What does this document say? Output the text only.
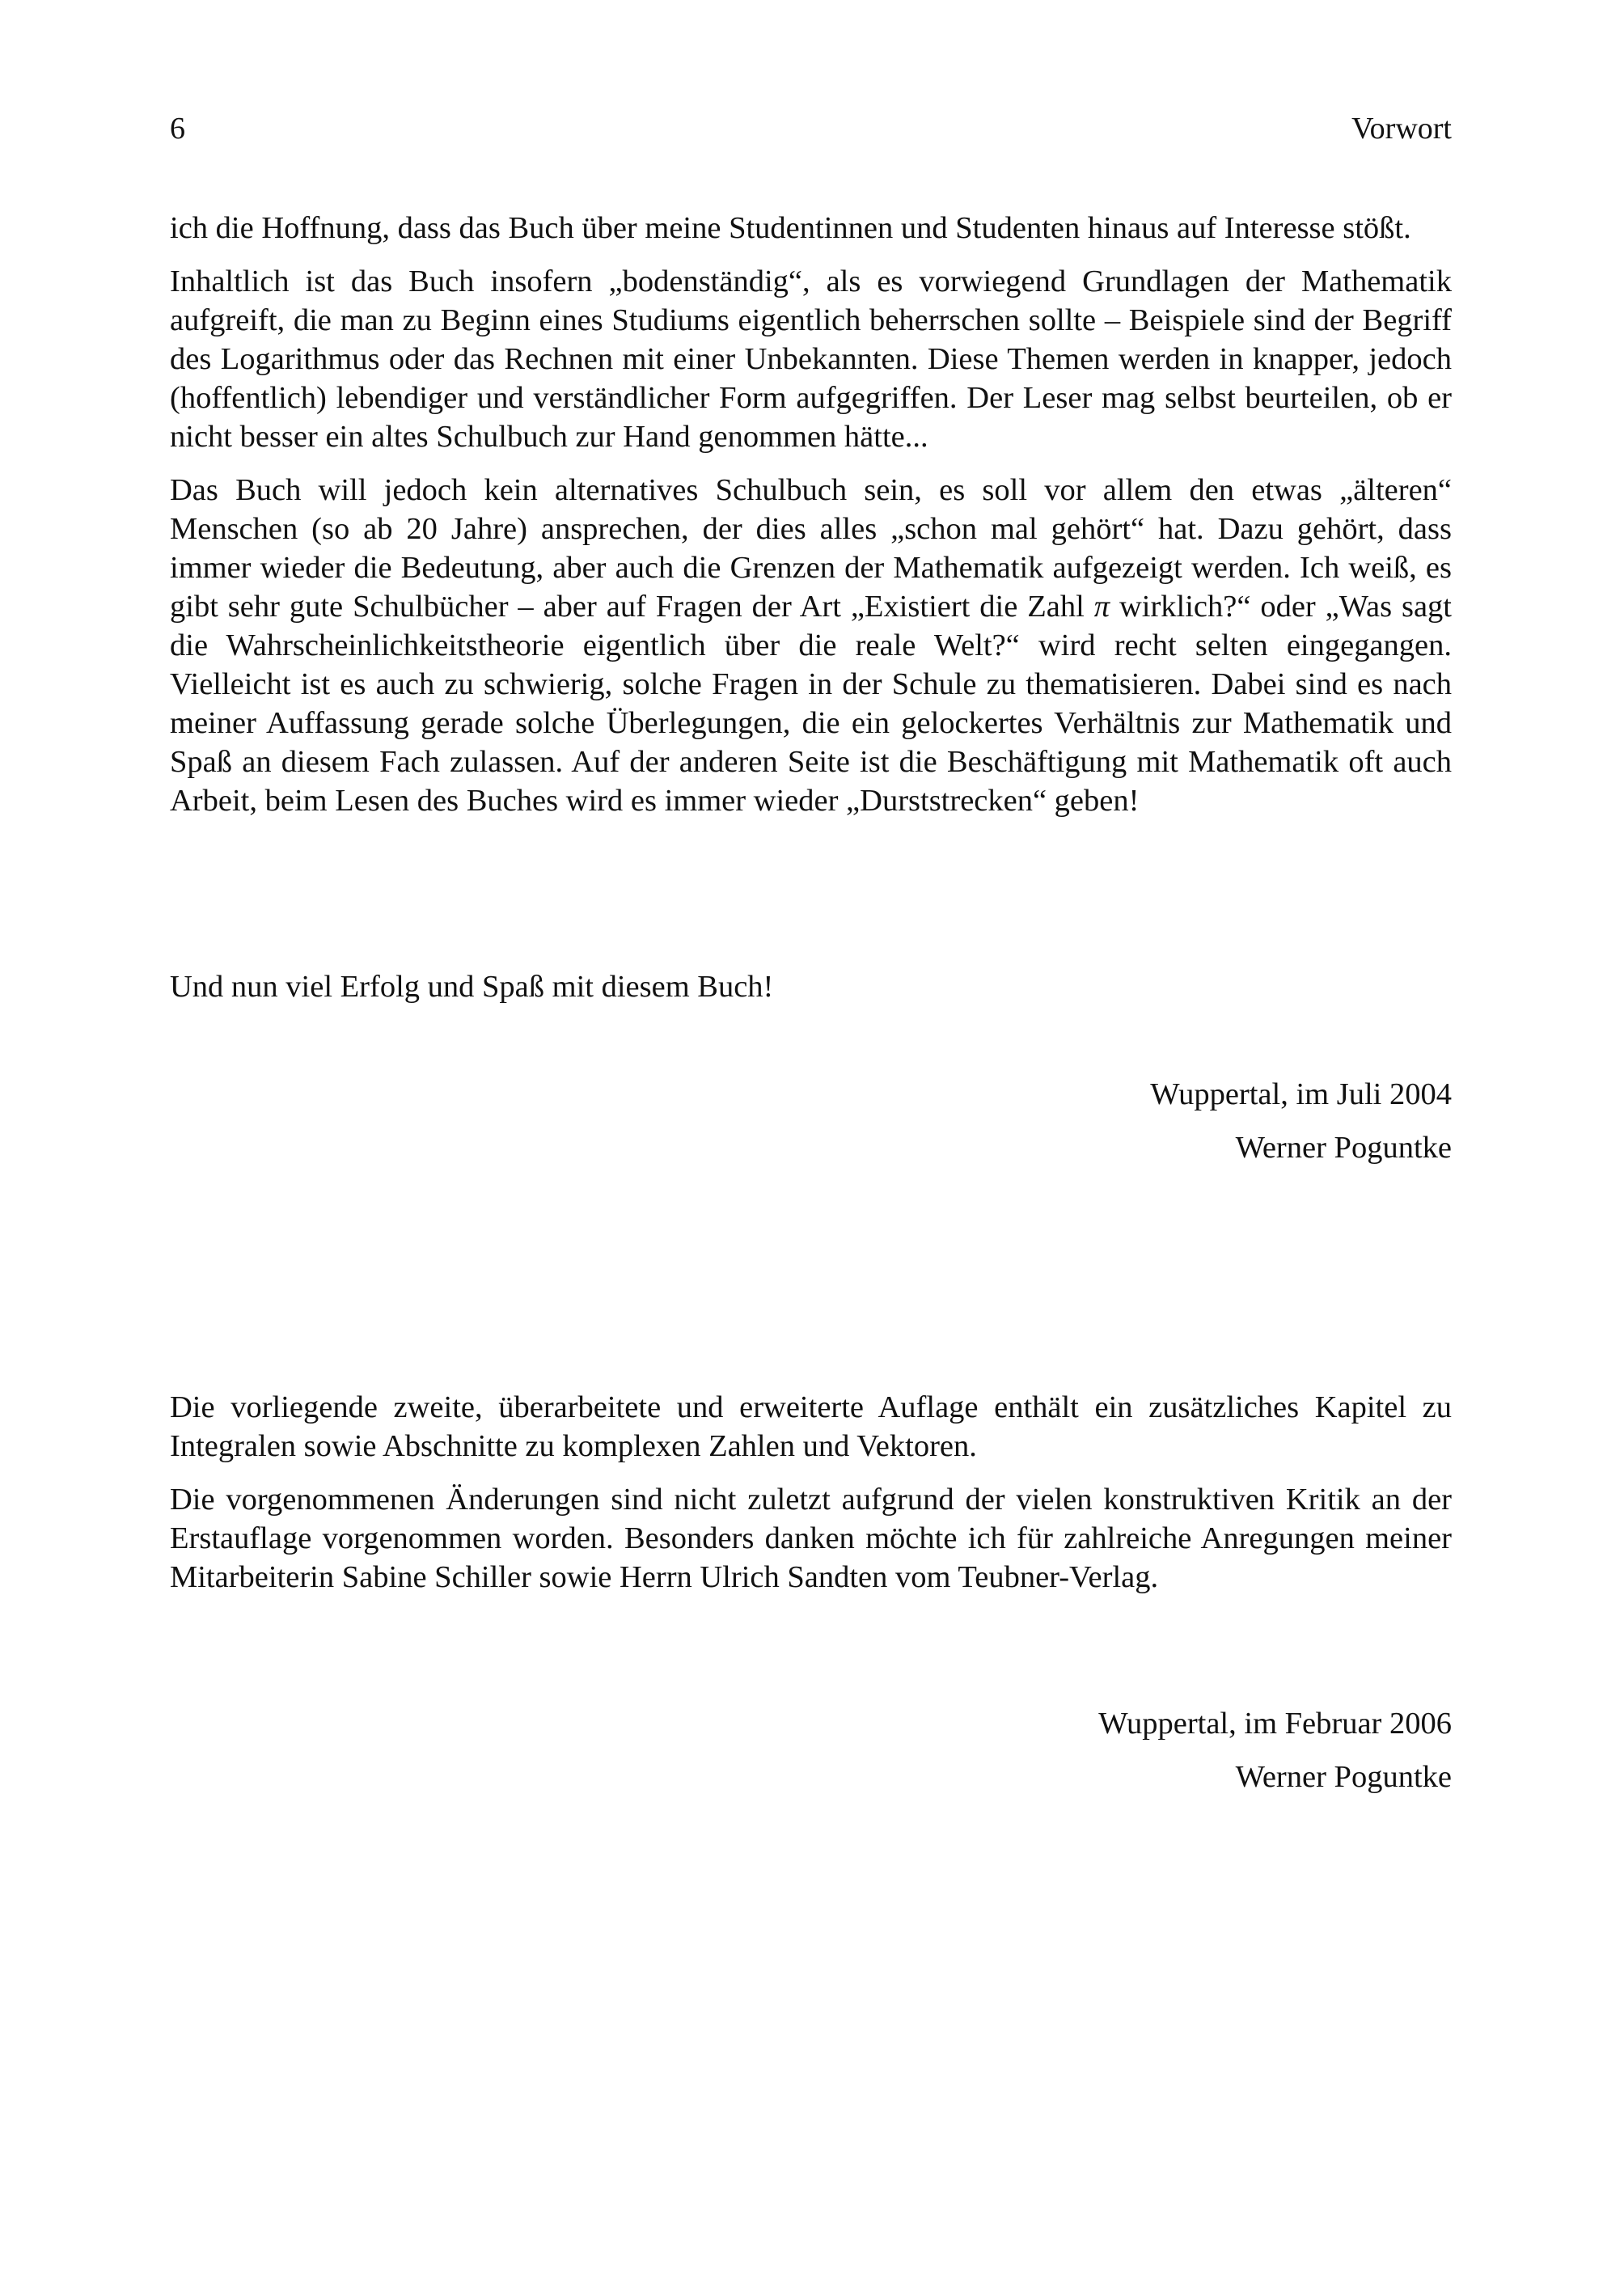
6	Vorwort

ich die Hoffnung, dass das Buch über meine Studentinnen und Studenten hinaus auf Interesse stößt.

Inhaltlich ist das Buch insofern „bodenständig“, als es vorwiegend Grundlagen der Mathematik aufgreift, die man zu Beginn eines Studiums eigentlich beherrschen sollte – Beispiele sind der Begriff des Logarithmus oder das Rechnen mit einer Unbekannten. Diese Themen werden in knapper, jedoch (hoffentlich) lebendiger und verständlicher Form aufgegriffen. Der Leser mag selbst beurteilen, ob er nicht besser ein altes Schulbuch zur Hand genommen hätte...

Das Buch will jedoch kein alternatives Schulbuch sein, es soll vor allem den etwas „älteren“ Menschen (so ab 20 Jahre) ansprechen, der dies alles „schon mal gehört“ hat. Dazu gehört, dass immer wieder die Bedeutung, aber auch die Grenzen der Mathematik aufgezeigt werden. Ich weiß, es gibt sehr gute Schulbücher – aber auf Fragen der Art „Existiert die Zahl π wirklich?“ oder „Was sagt die Wahrscheinlichkeitstheorie eigentlich über die reale Welt?“ wird recht selten eingegangen. Vielleicht ist es auch zu schwierig, solche Fragen in der Schule zu thematisieren. Dabei sind es nach meiner Auffassung gerade solche Überlegungen, die ein gelockertes Verhältnis zur Mathematik und Spaß an diesem Fach zulassen. Auf der anderen Seite ist die Beschäftigung mit Mathematik oft auch Arbeit, beim Lesen des Buches wird es immer wieder „Durststrecken“ geben!

Und nun viel Erfolg und Spaß mit diesem Buch!

Wuppertal, im Juli 2004
Werner Poguntke

Die vorliegende zweite, überarbeitete und erweiterte Auflage enthält ein zusätzliches Kapitel zu Integralen sowie Abschnitte zu komplexen Zahlen und Vektoren.

Die vorgenommenen Änderungen sind nicht zuletzt aufgrund der vielen konstruktiven Kritik an der Erstauflage vorgenommen worden. Besonders danken möchte ich für zahlreiche Anregungen meiner Mitarbeiterin Sabine Schiller sowie Herrn Ulrich Sandten vom Teubner-Verlag.

Wuppertal, im Februar 2006
Werner Poguntke
